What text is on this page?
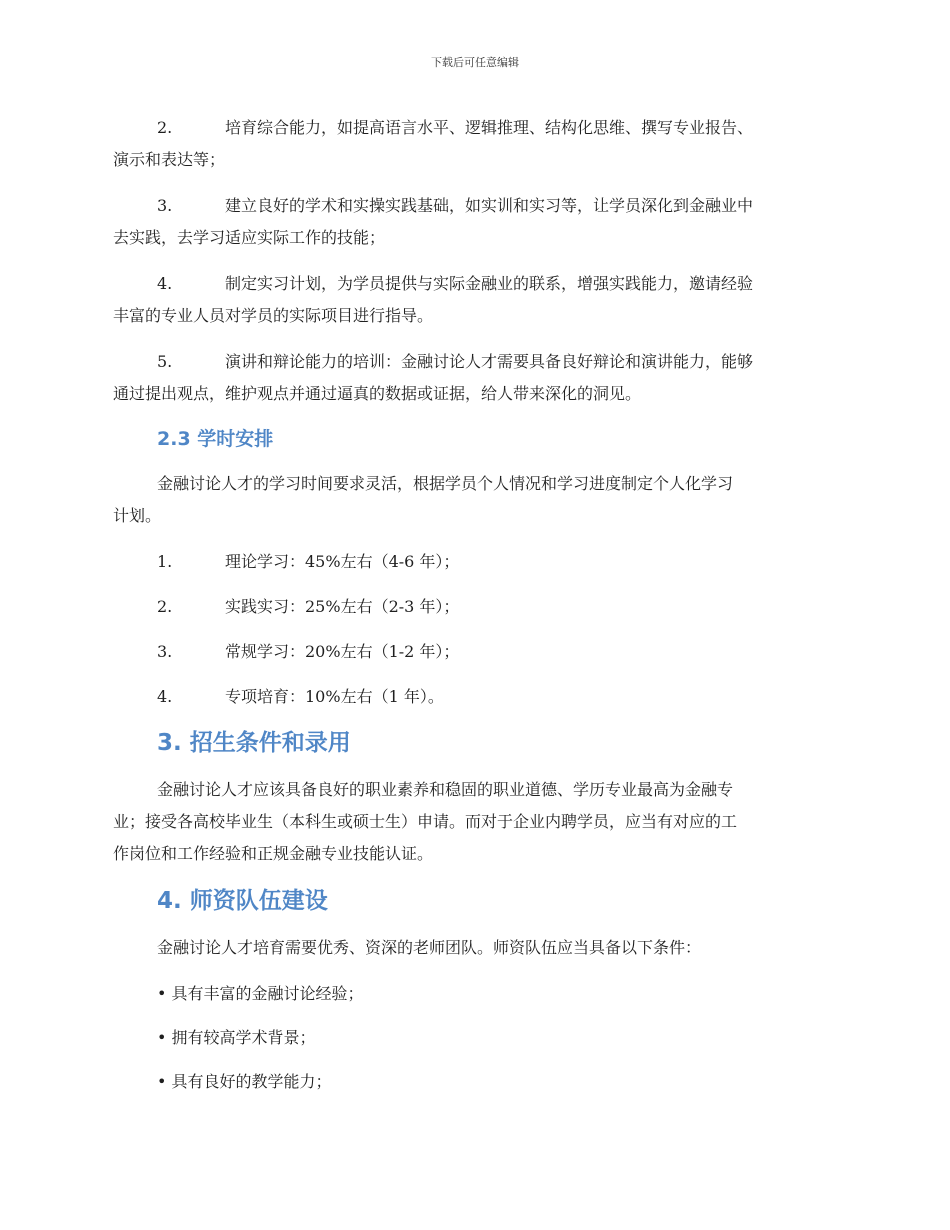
下载后可任意编辑
2.	培育综合能力，如提高语言水平、逻辑推理、结构化思维、撰写专业报告、
演示和表达等；
3.	建立良好的学术和实操实践基础，如实训和实习等，让学员深化到金融业中
去实践，去学习适应实际工作的技能；
4.	制定实习计划，为学员提供与实际金融业的联系，增强实践能力，邀请经验
丰富的专业人员对学员的实际项目进行指导。
5.	演讲和辩论能力的培训：金融讨论人才需要具备良好辩论和演讲能力，能够
通过提出观点，维护观点并通过逼真的数据或证据，给人带来深化的洞见。
2.3 学时安排
金融讨论人才的学习时间要求灵活，根据学员个人情况和学习进度制定个人化学习
计划。
1.	理论学习：45%左右（4-6 年）；
2.	实践实习：25%左右（2-3 年）；
3.	常规学习：20%左右（1-2 年）；
4.	专项培育：10%左右（1 年）。
3. 招生条件和录用
金融讨论人才应该具备良好的职业素养和稳固的职业道德、学历专业最高为金融专
业；接受各高校毕业生（本科生或硕士生）申请。而对于企业内聘学员，应当有对应的工
作岗位和工作经验和正规金融专业技能认证。
4. 师资队伍建设
金融讨论人才培育需要优秀、资深的老师团队。师资队伍应当具备以下条件：
• 具有丰富的金融讨论经验；
• 拥有较高学术背景；
• 具有良好的教学能力；
